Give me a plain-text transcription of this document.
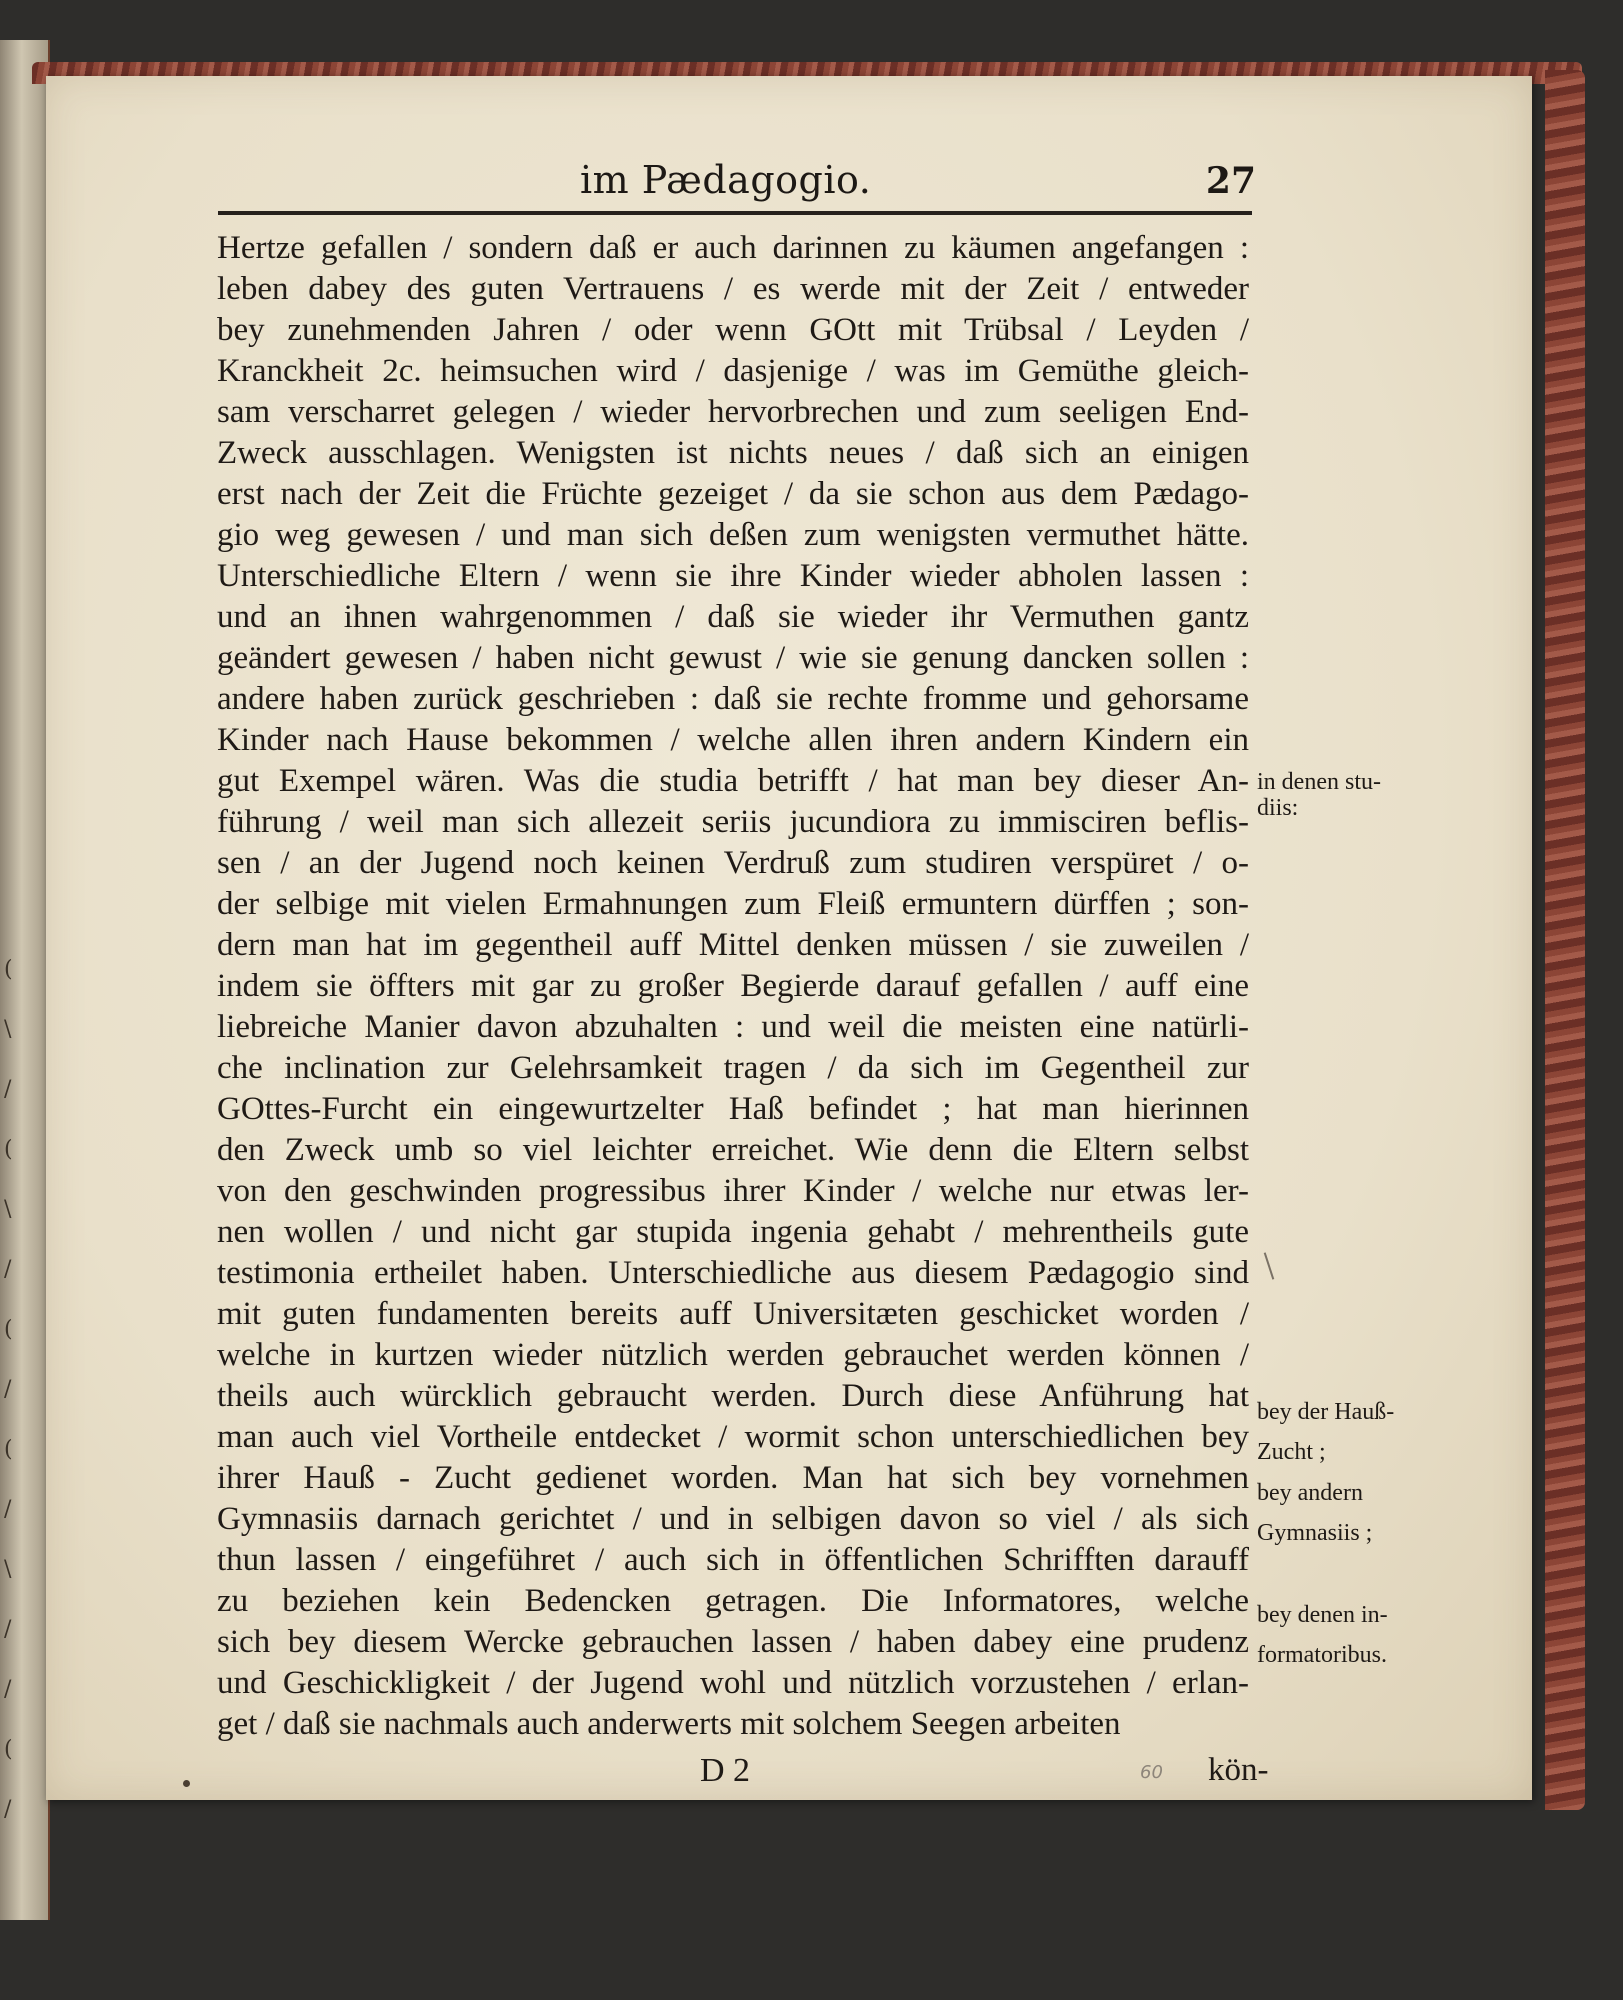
(
\
/
(
\
/
(
/
(
/
\
/
/
(
/
im Pædagogio.	27
Hertze gefallen / sondern daß er auch darinnen zu käumen angefangen :
leben dabey des guten Vertrauens / es werde mit der Zeit / entweder
bey zunehmenden Jahren / oder wenn GOtt mit Trübsal / Leyden /
Kranckheit 2c. heimsuchen wird / dasjenige / was im Gemüthe gleich-
sam verscharret gelegen / wieder hervorbrechen und zum seeligen End-
Zweck ausschlagen. Wenigsten ist nichts neues / daß sich an einigen
erst nach der Zeit die Früchte gezeiget / da sie schon aus dem Pædago-
gio weg gewesen / und man sich deßen zum wenigsten vermuthet hätte.
Unterschiedliche Eltern / wenn sie ihre Kinder wieder abholen lassen :
und an ihnen wahrgenommen / daß sie wieder ihr Vermuthen gantz
geändert gewesen / haben nicht gewust / wie sie genung dancken sollen :
andere haben zurück geschrieben : daß sie rechte fromme und gehorsame
Kinder nach Hause bekommen / welche allen ihren andern Kindern ein
gut Exempel wären. Was die studia betrifft / hat man bey dieser An-
führung / weil man sich allezeit seriis jucundiora zu immisciren beflis-
sen / an der Jugend noch keinen Verdruß zum studiren verspüret / o-
der selbige mit vielen Ermahnungen zum Fleiß ermuntern dürffen ; son-
dern man hat im gegentheil auff Mittel denken müssen / sie zuweilen /
indem sie öffters mit gar zu großer Begierde darauf gefallen / auff eine
liebreiche Manier davon abzuhalten : und weil die meisten eine natürli-
che inclination zur Gelehrsamkeit tragen / da sich im Gegentheil zur
GOttes-Furcht ein eingewurtzelter Haß befindet ; hat man hierinnen
den Zweck umb so viel leichter erreichet. Wie denn die Eltern selbst
von den geschwinden progressibus ihrer Kinder / welche nur etwas ler-
nen wollen / und nicht gar stupida ingenia gehabt / mehrentheils gute
testimonia ertheilet haben. Unterschiedliche aus diesem Pædagogio sind
mit guten fundamenten bereits auff Universitæten geschicket worden /
welche in kurtzen wieder nützlich werden gebrauchet werden können /
theils auch würcklich gebraucht werden. Durch diese Anführung hat
man auch viel Vortheile entdecket / wormit schon unterschiedlichen bey
ihrer Hauß - Zucht gedienet worden. Man hat sich bey vornehmen
Gymnasiis darnach gerichtet / und in selbigen davon so viel / als sich
thun lassen / eingeführet / auch sich in öffentlichen Schrifften darauff
zu beziehen kein Bedencken getragen. Die Informatores, welche
sich bey diesem Wercke gebrauchen lassen / haben dabey eine prudenz
und Geschickligkeit / der Jugend wohl und nützlich vorzustehen / erlan-
get / daß sie nachmals auch anderwerts mit solchem Seegen arbeiten
in denen stu-
diis:
bey der Hauß-
Zucht ;
bey andern
Gymnasiis ;
bey denen in-
formatoribus.
D 2	60 kön-
